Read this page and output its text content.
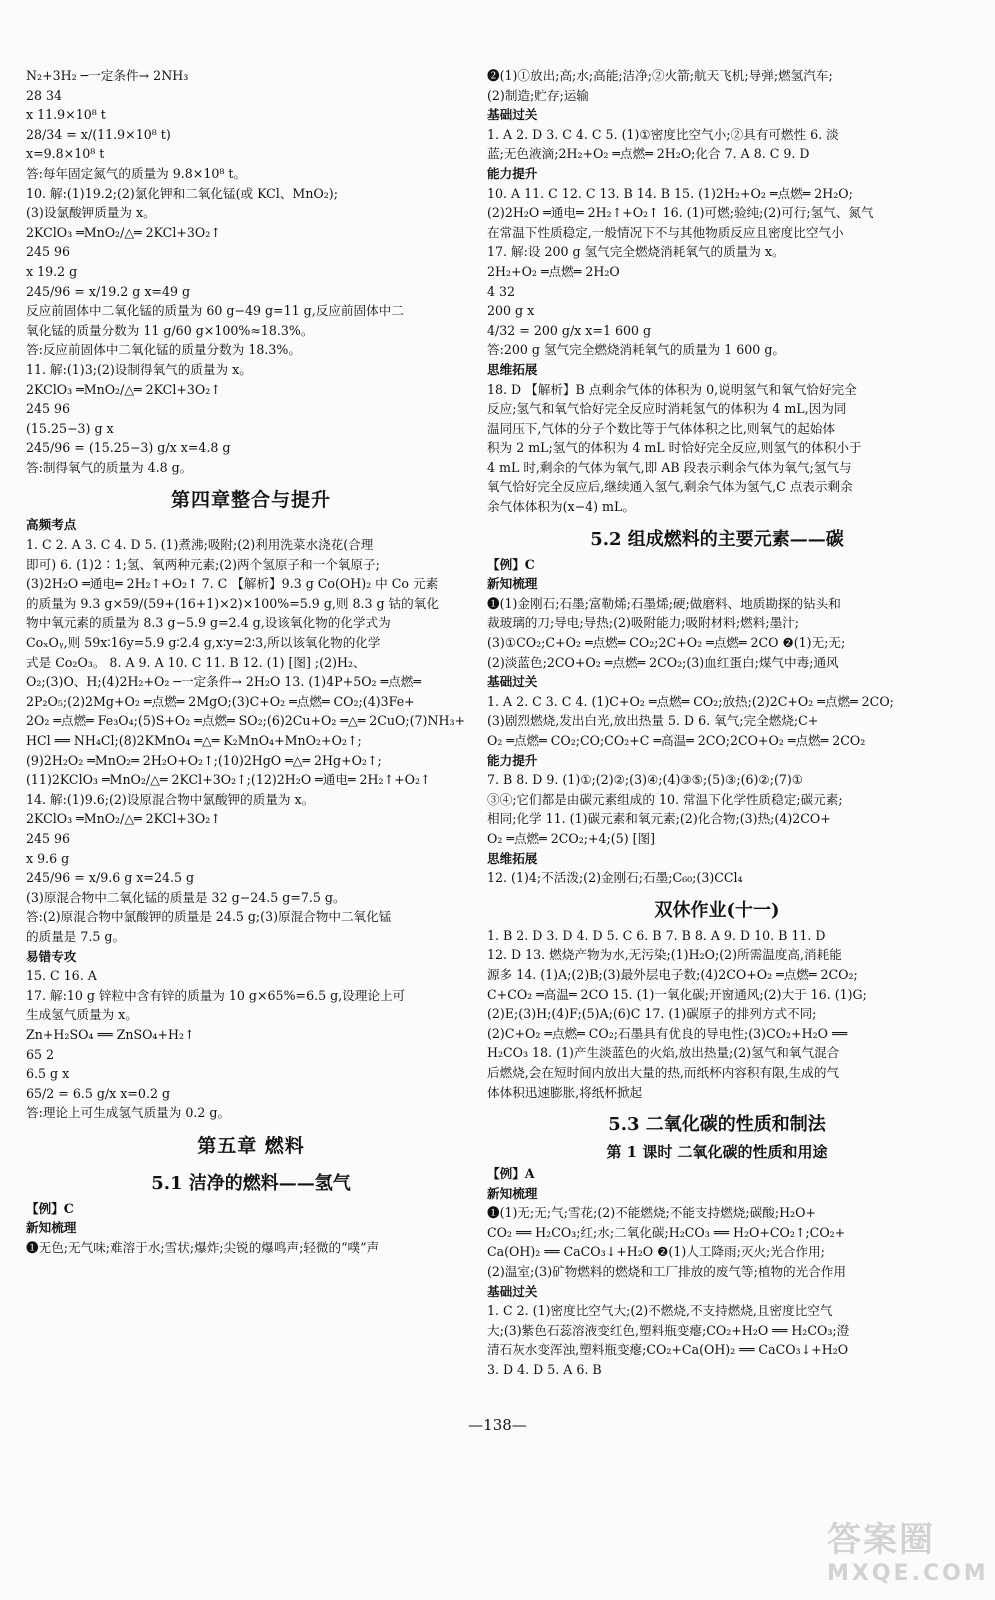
N₂+3H₂ ─一定条件→ 2NH₃
28 34
x 11.9×10⁸ t
28/34 = x/(11.9×10⁸ t)
x=9.8×10⁸ t
答:每年固定氮气的质量为 9.8×10⁸ t。
10. 解:(1)19.2;(2)氯化钾和二氧化锰(或 KCl、MnO₂);
(3)设氯酸钾质量为 x。
2KClO₃ ═MnO₂/△═ 2KCl+3O₂↑
245 96
x 19.2 g
245/96 = x/19.2 g x=49 g
反应前固体中二氧化锰的质量为 60 g−49 g=11 g,反应前固体中二
氧化锰的质量分数为 11 g/60 g×100%≈18.3%。
答:反应前固体中二氧化锰的质量分数为 18.3%。
11. 解:(1)3;(2)设制得氧气的质量为 x。
2KClO₃ ═MnO₂/△═ 2KCl+3O₂↑
245 96
(15.25−3) g x
245/96 = (15.25−3) g/x x=4.8 g
答:制得氧气的质量为 4.8 g。
第四章整合与提升
高频考点
1. C 2. A 3. C 4. D 5. (1)煮沸;吸附;(2)利用洗菜水浇花(合理
即可) 6. (1)2∶1;氢、氧两种元素;(2)两个氢原子和一个氧原子;
(3)2H₂O ═通电═ 2H₂↑+O₂↑ 7. C 【解析】9.3 g Co(OH)₂ 中 Co 元素
的质量为 9.3 g×59/(59+(16+1)×2)×100%=5.9 g,则 8.3 g 钴的氧化
物中氧元素的质量为 8.3 g−5.9 g=2.4 g,设该氧化物的化学式为
CoₓOᵧ,则 59x∶16y=5.9 g∶2.4 g,x∶y=2∶3,所以该氧化物的化学
式是 Co₂O₃。 8. A 9. A 10. C 11. B 12. (1) [图] ;(2)H₂、
O₂;(3)O、H;(4)2H₂+O₂ ─一定条件→ 2H₂O 13. (1)4P+5O₂ ═点燃═
2P₂O₅;(2)2Mg+O₂ ═点燃═ 2MgO;(3)C+O₂ ═点燃═ CO₂;(4)3Fe+
2O₂ ═点燃═ Fe₃O₄;(5)S+O₂ ═点燃═ SO₂;(6)2Cu+O₂ ═△═ 2CuO;(7)NH₃+
HCl ══ NH₄Cl;(8)2KMnO₄ ═△═ K₂MnO₄+MnO₂+O₂↑;
(9)2H₂O₂ ═MnO₂═ 2H₂O+O₂↑;(10)2HgO ═△═ 2Hg+O₂↑;
(11)2KClO₃ ═MnO₂/△═ 2KCl+3O₂↑;(12)2H₂O ═通电═ 2H₂↑+O₂↑
14. 解:(1)9.6;(2)设原混合物中氯酸钾的质量为 x。
2KClO₃ ═MnO₂/△═ 2KCl+3O₂↑
245 96
x 9.6 g
245/96 = x/9.6 g x=24.5 g
(3)原混合物中二氧化锰的质量是 32 g−24.5 g=7.5 g。
答:(2)原混合物中氯酸钾的质量是 24.5 g;(3)原混合物中二氧化锰
的质量是 7.5 g。
易错专攻
15. C 16. A
17. 解:10 g 锌粒中含有锌的质量为 10 g×65%=6.5 g,设理论上可
生成氢气质量为 x。
Zn+H₂SO₄ ══ ZnSO₄+H₂↑
65 2
6.5 g x
65/2 = 6.5 g/x x=0.2 g
答:理论上可生成氢气质量为 0.2 g。
第五章 燃料
5.1 洁净的燃料——氢气
【例】C
新知梳理
❶无色;无气味;难溶于水;雪状;爆炸;尖锐的爆鸣声;轻微的“噗”声
❷(1)①放出;高;水;高能;洁净;②火箭;航天飞机;导弹;燃氢汽车;
(2)制造;贮存;运输
基础过关
1. A 2. D 3. C 4. C 5. (1)①密度比空气小;②具有可燃性 6. 淡
蓝;无色液滴;2H₂+O₂ ═点燃═ 2H₂O;化合 7. A 8. C 9. D
能力提升
10. A 11. C 12. C 13. B 14. B 15. (1)2H₂+O₂ ═点燃═ 2H₂O;
(2)2H₂O ═通电═ 2H₂↑+O₂↑ 16. (1)可燃;验纯;(2)可行;氢气、氮气
在常温下性质稳定,一般情况下不与其他物质反应且密度比空气小
17. 解:设 200 g 氢气完全燃烧消耗氧气的质量为 x。
2H₂+O₂ ═点燃═ 2H₂O
4 32
200 g x
4/32 = 200 g/x x=1 600 g
答:200 g 氢气完全燃烧消耗氧气的质量为 1 600 g。
思维拓展
18. D 【解析】B 点剩余气体的体积为 0,说明氢气和氧气恰好完全
反应;氢气和氧气恰好完全反应时消耗氢气的体积为 4 mL,因为同
温同压下,气体的分子个数比等于气体体积之比,则氧气的起始体
积为 2 mL;氢气的体积为 4 mL 时恰好完全反应,则氢气的体积小于
4 mL 时,剩余的气体为氧气,即 AB 段表示剩余气体为氧气;氢气与
氧气恰好完全反应后,继续通入氢气,剩余气体为氢气,C 点表示剩余
余气体体积为(x−4) mL。
5.2 组成燃料的主要元素——碳
【例】C
新知梳理
❶(1)金刚石;石墨;富勒烯;石墨烯;硬;做磨料、地质勘探的钻头和
裁玻璃的刀;导电;导热;(2)吸附能力;吸附材料;燃料;墨汁;
(3)①CO₂;C+O₂ ═点燃═ CO₂;2C+O₂ ═点燃═ 2CO ❷(1)无;无;
(2)淡蓝色;2CO+O₂ ═点燃═ 2CO₂;(3)血红蛋白;煤气中毒;通风
基础过关
1. A 2. C 3. C 4. (1)C+O₂ ═点燃═ CO₂;放热;(2)2C+O₂ ═点燃═ 2CO;
(3)剧烈燃烧,发出白光,放出热量 5. D 6. 氧气;完全燃烧;C+
O₂ ═点燃═ CO₂;CO;CO₂+C ═高温═ 2CO;2CO+O₂ ═点燃═ 2CO₂
能力提升
7. B 8. D 9. (1)①;(2)②;(3)④;(4)③⑤;(5)③;(6)②;(7)①
③④;它们都是由碳元素组成的 10. 常温下化学性质稳定;碳元素;
相同;化学 11. (1)碳元素和氧元素;(2)化合物;(3)热;(4)2CO+
O₂ ═点燃═ 2CO₂;+4;(5) [图]
思维拓展
12. (1)4;不活泼;(2)金刚石;石墨;C₆₀;(3)CCl₄
双休作业(十一)
1. B 2. D 3. D 4. D 5. C 6. B 7. B 8. A 9. D 10. B 11. D
12. D 13. 燃烧产物为水,无污染;(1)H₂O;(2)所需温度高,消耗能
源多 14. (1)A;(2)B;(3)最外层电子数;(4)2CO+O₂ ═点燃═ 2CO₂;
C+CO₂ ═高温═ 2CO 15. (1)一氧化碳;开窗通风;(2)大于 16. (1)G;
(2)E;(3)H;(4)F;(5)A;(6)C 17. (1)碳原子的排列方式不同;
(2)C+O₂ ═点燃═ CO₂;石墨具有优良的导电性;(3)CO₂+H₂O ══
H₂CO₃ 18. (1)产生淡蓝色的火焰,放出热量;(2)氢气和氧气混合
后燃烧,会在短时间内放出大量的热,而纸杯内容积有限,生成的气
体体积迅速膨胀,将纸杯掀起
5.3 二氧化碳的性质和制法
第 1 课时 二氧化碳的性质和用途
【例】A
新知梳理
❶(1)无;无;气;雪花;(2)不能燃烧;不能支持燃烧;碳酸;H₂O+
CO₂ ══ H₂CO₃;红;水;二氧化碳;H₂CO₃ ══ H₂O+CO₂↑;CO₂+
Ca(OH)₂ ══ CaCO₃↓+H₂O ❷(1)人工降雨;灭火;光合作用;
(2)温室;(3)矿物燃料的燃烧和工厂排放的废气等;植物的光合作用
基础过关
1. C 2. (1)密度比空气大;(2)不燃烧,不支持燃烧,且密度比空气
大;(3)紫色石蕊溶液变红色,塑料瓶变瘪;CO₂+H₂O ══ H₂CO₃;澄
清石灰水变浑浊,塑料瓶变瘪;CO₂+Ca(OH)₂ ══ CaCO₃↓+H₂O
3. D 4. D 5. A 6. B
—138—
答案圈
MXQE.COM
